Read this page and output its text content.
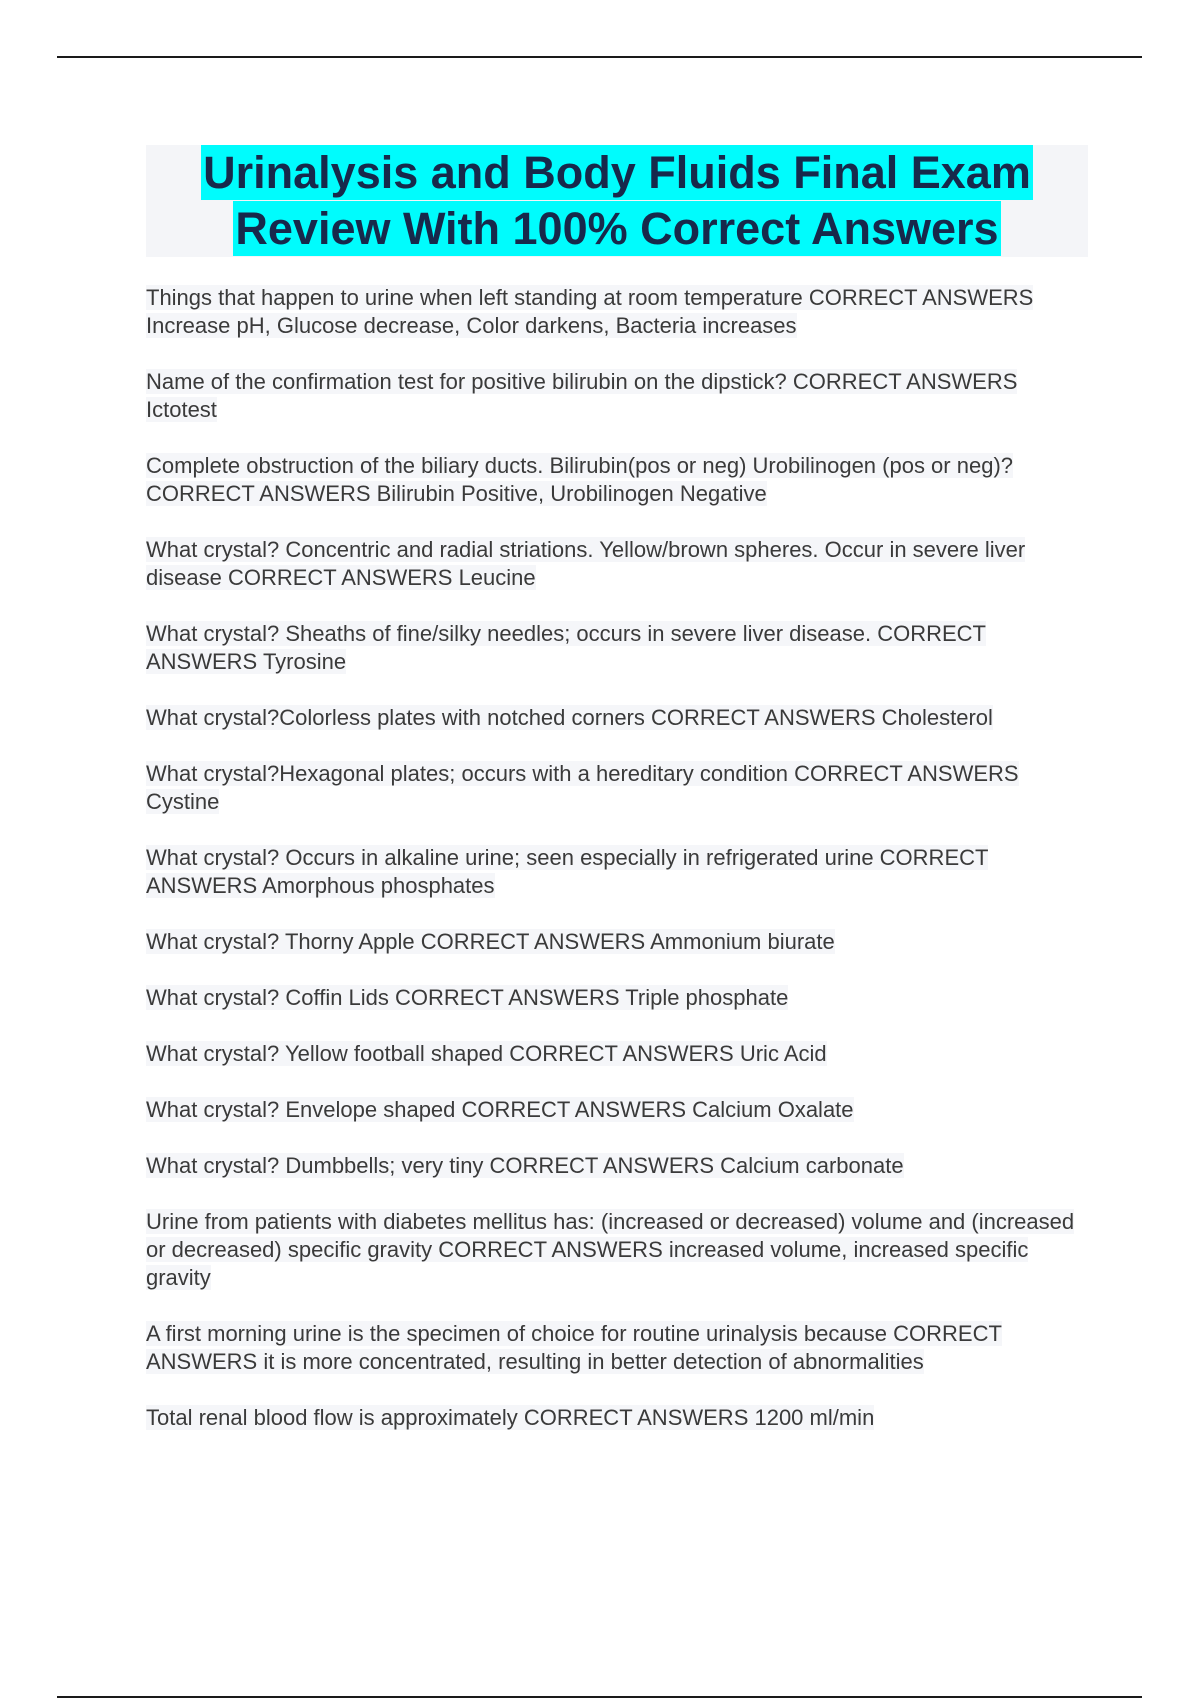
Urinalysis and Body Fluids Final Exam
Review With 100% Correct Answers
Things that happen to urine when left standing at room temperature CORRECT ANSWERS Increase pH, Glucose decrease, Color darkens, Bacteria increases
Name of the confirmation test for positive bilirubin on the dipstick? CORRECT ANSWERS Ictotest
Complete obstruction of the biliary ducts. Bilirubin(pos or neg) Urobilinogen (pos or neg)? CORRECT ANSWERS Bilirubin Positive, Urobilinogen Negative
What crystal? Concentric and radial striations. Yellow/brown spheres. Occur in severe liver disease CORRECT ANSWERS Leucine
What crystal? Sheaths of fine/silky needles; occurs in severe liver disease. CORRECT ANSWERS Tyrosine
What crystal?Colorless plates with notched corners CORRECT ANSWERS Cholesterol
What crystal?Hexagonal plates; occurs with a hereditary condition CORRECT ANSWERS Cystine
What crystal? Occurs in alkaline urine; seen especially in refrigerated urine CORRECT ANSWERS Amorphous phosphates
What crystal? Thorny Apple CORRECT ANSWERS Ammonium biurate
What crystal? Coffin Lids CORRECT ANSWERS Triple phosphate
What crystal? Yellow football shaped CORRECT ANSWERS Uric Acid
What crystal? Envelope shaped CORRECT ANSWERS Calcium Oxalate
What crystal? Dumbbells; very tiny CORRECT ANSWERS Calcium carbonate
Urine from patients with diabetes mellitus has: (increased or decreased) volume and (increased or decreased) specific gravity CORRECT ANSWERS increased volume, increased specific gravity
A first morning urine is the specimen of choice for routine urinalysis because CORRECT ANSWERS it is more concentrated, resulting in better detection of abnormalities
Total renal blood flow is approximately CORRECT ANSWERS 1200 ml/min
